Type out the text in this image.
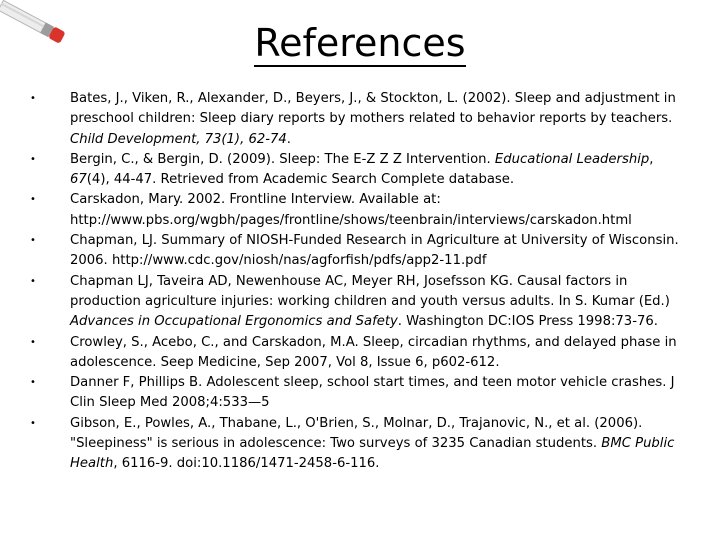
References
•	Bates, J., Viken, R., Alexander, D., Beyers, J., & Stockton, L. (2002). Sleep and adjustment in preschool children: Sleep diary reports by mothers related to behavior reports by teachers. Child Development, 73(1), 62-74.
•	Bergin, C., & Bergin, D. (2009). Sleep: The E-Z Z Z Intervention. Educational Leadership, 67(4), 44-47. Retrieved from Academic Search Complete database.
•	Carskadon, Mary. 2002. Frontline Interview. Available at: http://www.pbs.org/wgbh/pages/frontline/shows/teenbrain/interviews/carskadon.html
•	Chapman, LJ. Summary of NIOSH-Funded Research in Agriculture at University of Wisconsin. 2006. http://www.cdc.gov/niosh/nas/agforfish/pdfs/app2-11.pdf
•	Chapman LJ, Taveira AD, Newenhouse AC, Meyer RH, Josefsson KG. Causal factors in production agriculture injuries: working children and youth versus adults. In S. Kumar (Ed.) Advances in Occupational Ergonomics and Safety. Washington DC:IOS Press 1998:73-76.
•	Crowley, S., Acebo, C., and Carskadon, M.A. Sleep, circadian rhythms, and delayed phase in adolescence. Seep Medicine, Sep 2007, Vol 8, Issue 6, p602-612.
•	Danner F, Phillips B. Adolescent sleep, school start times, and teen motor vehicle crashes. J Clin Sleep Med 2008;4:533—5
•	Gibson, E., Powles, A., Thabane, L., O'Brien, S., Molnar, D., Trajanovic, N., et al. (2006). "Sleepiness" is serious in adolescence: Two surveys of 3235 Canadian students. BMC Public Health, 6116-9. doi:10.1186/1471-2458-6-116.
